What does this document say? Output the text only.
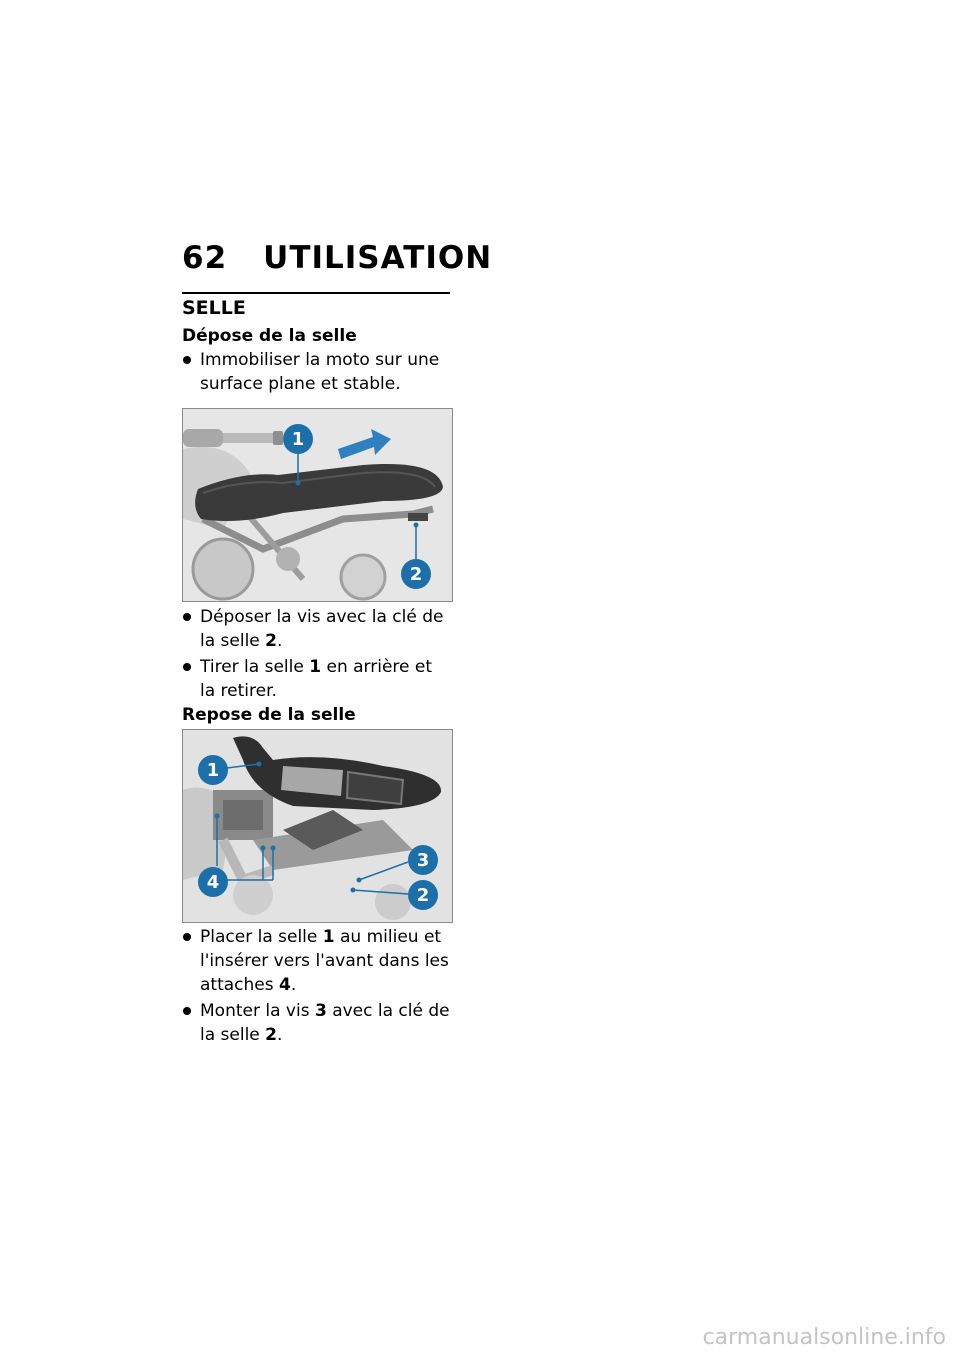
62 UTILISATION
SELLE
Dépose de la selle
Immobiliser la moto sur une surface plane et stable.
1
2
Déposer la vis avec la clé de la selle 2.
Tirer la selle 1 en arrière et la retirer.
Repose de la selle
1
4
3
2
Placer la selle 1 au milieu et l'insérer vers l'avant dans les attaches 4.
Monter la vis 3 avec la clé de la selle 2.
carmanualsonline.info
